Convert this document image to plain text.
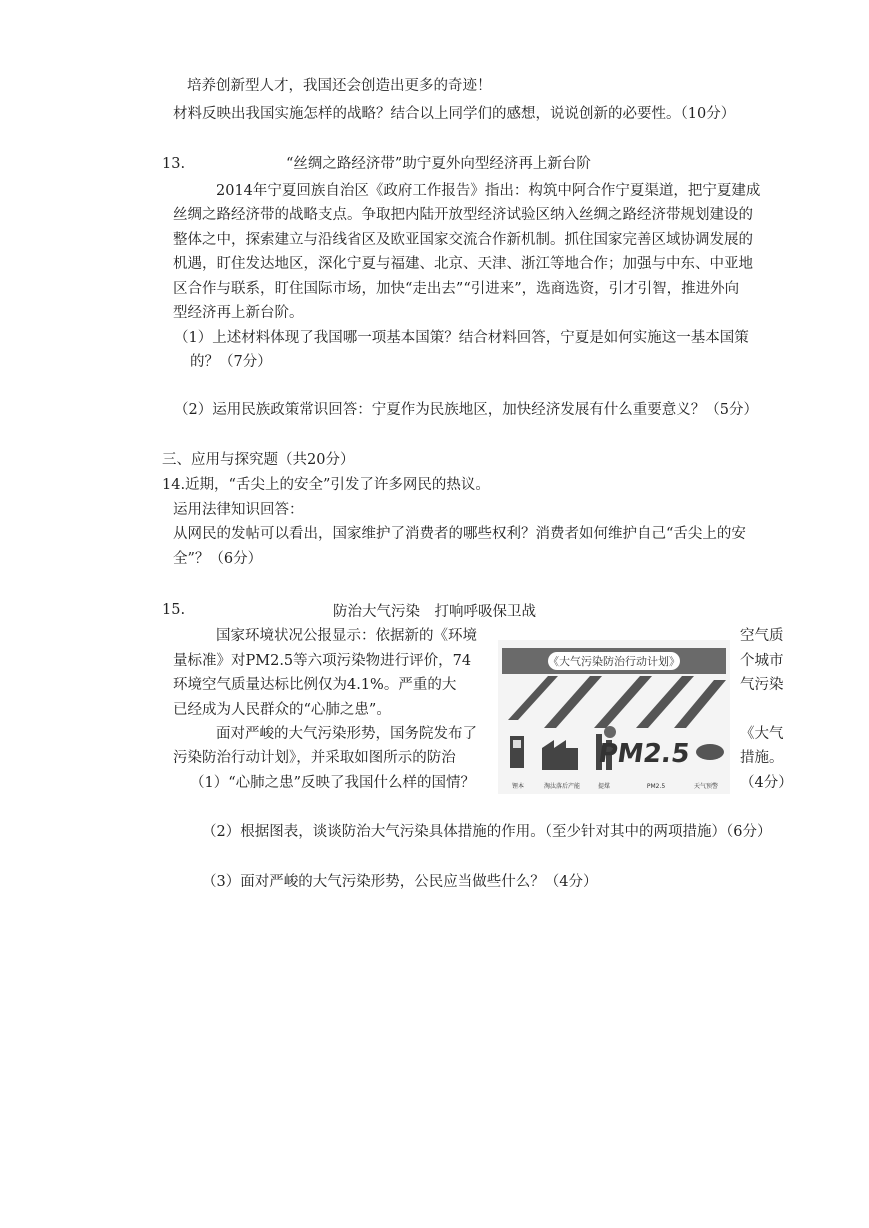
培养创新型人才，我国还会创造出更多的奇迹！
材料反映出我国实施怎样的战略？结合以上同学们的感想，说说创新的必要性。（10分）
13.	“丝绸之路经济带”助宁夏外向型经济再上新台阶
2014年宁夏回族自治区《政府工作报告》指出：构筑中阿合作宁夏渠道，把宁夏建成
丝绸之路经济带的战略支点。争取把内陆开放型经济试验区纳入丝绸之路经济带规划建设的
整体之中，探索建立与沿线省区及欧亚国家交流合作新机制。抓住国家完善区域协调发展的
机遇，盯住发达地区，深化宁夏与福建、北京、天津、浙江等地合作；加强与中东、中亚地
区合作与联系，盯住国际市场，加快“走出去”“引进来”，选商选资，引才引智，推进外向
型经济再上新台阶。
（1）上述材料体现了我国哪一项基本国策？结合材料回答，宁夏是如何实施这一基本国策
的？（7分）
（2）运用民族政策常识回答：宁夏作为民族地区，加快经济发展有什么重要意义？（5分）
三、应用与探究题（共20分）
14.近期，“舌尖上的安全”引发了许多网民的热议。
运用法律知识回答：
从网民的发帖可以看出，国家维护了消费者的哪些权利？消费者如何维护自己“舌尖上的安
全”？（6分）
15.	防治大气污染　打响呼吸保卫战
国家环境状况公报显示：依据新的《环境
量标准》对PM2.5等六项污染物进行评价，74
环境空气质量达标比例仅为4.1%。严重的大
已经成为人民群众的“心肺之患”。
面对严峻的大气污染形势，国务院发布了
污染防治行动计划》，并采取如图所示的防治
（1）“心肺之患”反映了我国什么样的国情？
空气质
个城市
气污染
《大气
措施。
（4分）
《大气污染防治行动计划》
PM2.5
锂本	淘汰落后产能	提煤	PM2.5	天气预警
（2）根据图表，谈谈防治大气污染具体措施的作用。（至少针对其中的两项措施）（6分）
（3）面对严峻的大气污染形势，公民应当做些什么？（4分）
